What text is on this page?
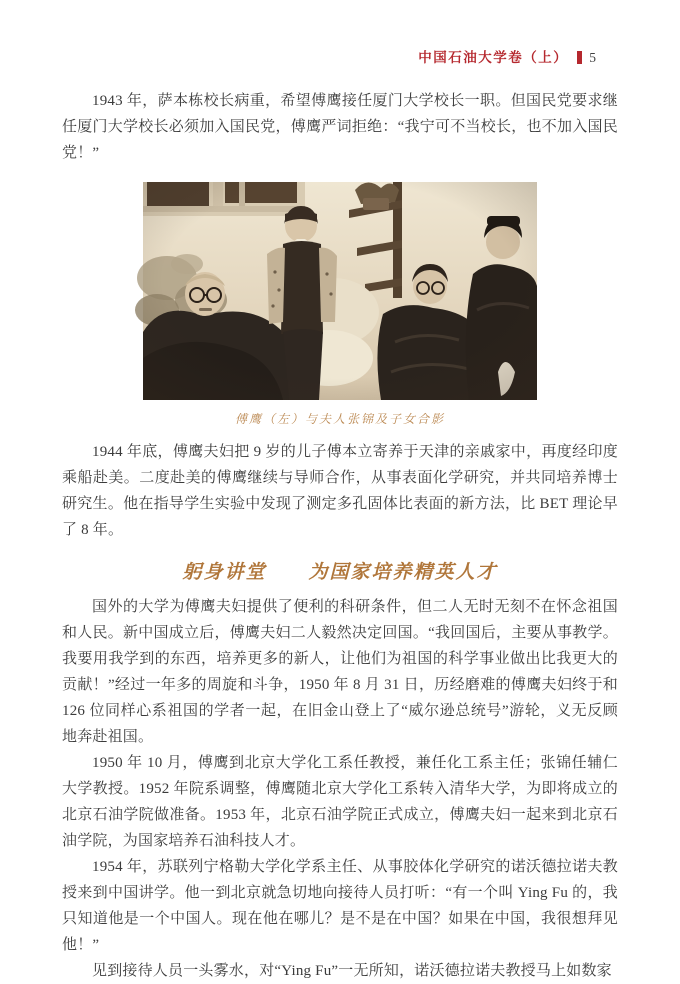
中国石油大学卷（上） 5

1943 年，萨本栋校长病重，希望傅鹰接任厦门大学校长一职。但国民党要求继任厦门大学校长必须加入国民党，傅鹰严词拒绝：“我宁可不当校长，也不加入国民党！”

傅鹰（左）与夫人张锦及子女合影

1944 年底，傅鹰夫妇把 9 岁的儿子傅本立寄养于天津的亲戚家中，再度经印度乘船赴美。二度赴美的傅鹰继续与导师合作，从事表面化学研究，并共同培养博士研究生。他在指导学生实验中发现了测定多孔固体比表面的新方法，比 BET 理论早了 8 年。

躬身讲堂　　为国家培养精英人才

国外的大学为傅鹰夫妇提供了便利的科研条件，但二人无时无刻不在怀念祖国和人民。新中国成立后，傅鹰夫妇二人毅然决定回国。“我回国后，主要从事教学。我要用我学到的东西，培养更多的新人，让他们为祖国的科学事业做出比我更大的贡献！”经过一年多的周旋和斗争，1950 年 8 月 31 日，历经磨难的傅鹰夫妇终于和 126 位同样心系祖国的学者一起，在旧金山登上了“威尔逊总统号”游轮，义无反顾地奔赴祖国。

1950 年 10 月，傅鹰到北京大学化工系任教授，兼任化工系主任；张锦任辅仁大学教授。1952 年院系调整，傅鹰随北京大学化工系转入清华大学，为即将成立的北京石油学院做准备。1953 年，北京石油学院正式成立，傅鹰夫妇一起来到北京石油学院，为国家培养石油科技人才。

1954 年，苏联列宁格勒大学化学系主任、从事胶体化学研究的诺沃德拉诺夫教授来到中国讲学。他一到北京就急切地向接待人员打听：“有一个叫 Ying Fu 的，我只知道他是一个中国人。现在他在哪儿？是不是在中国？如果在中国，我很想拜见他！”

见到接待人员一头雾水，对“Ying Fu”一无所知，诺沃德拉诺夫教授马上如数家
